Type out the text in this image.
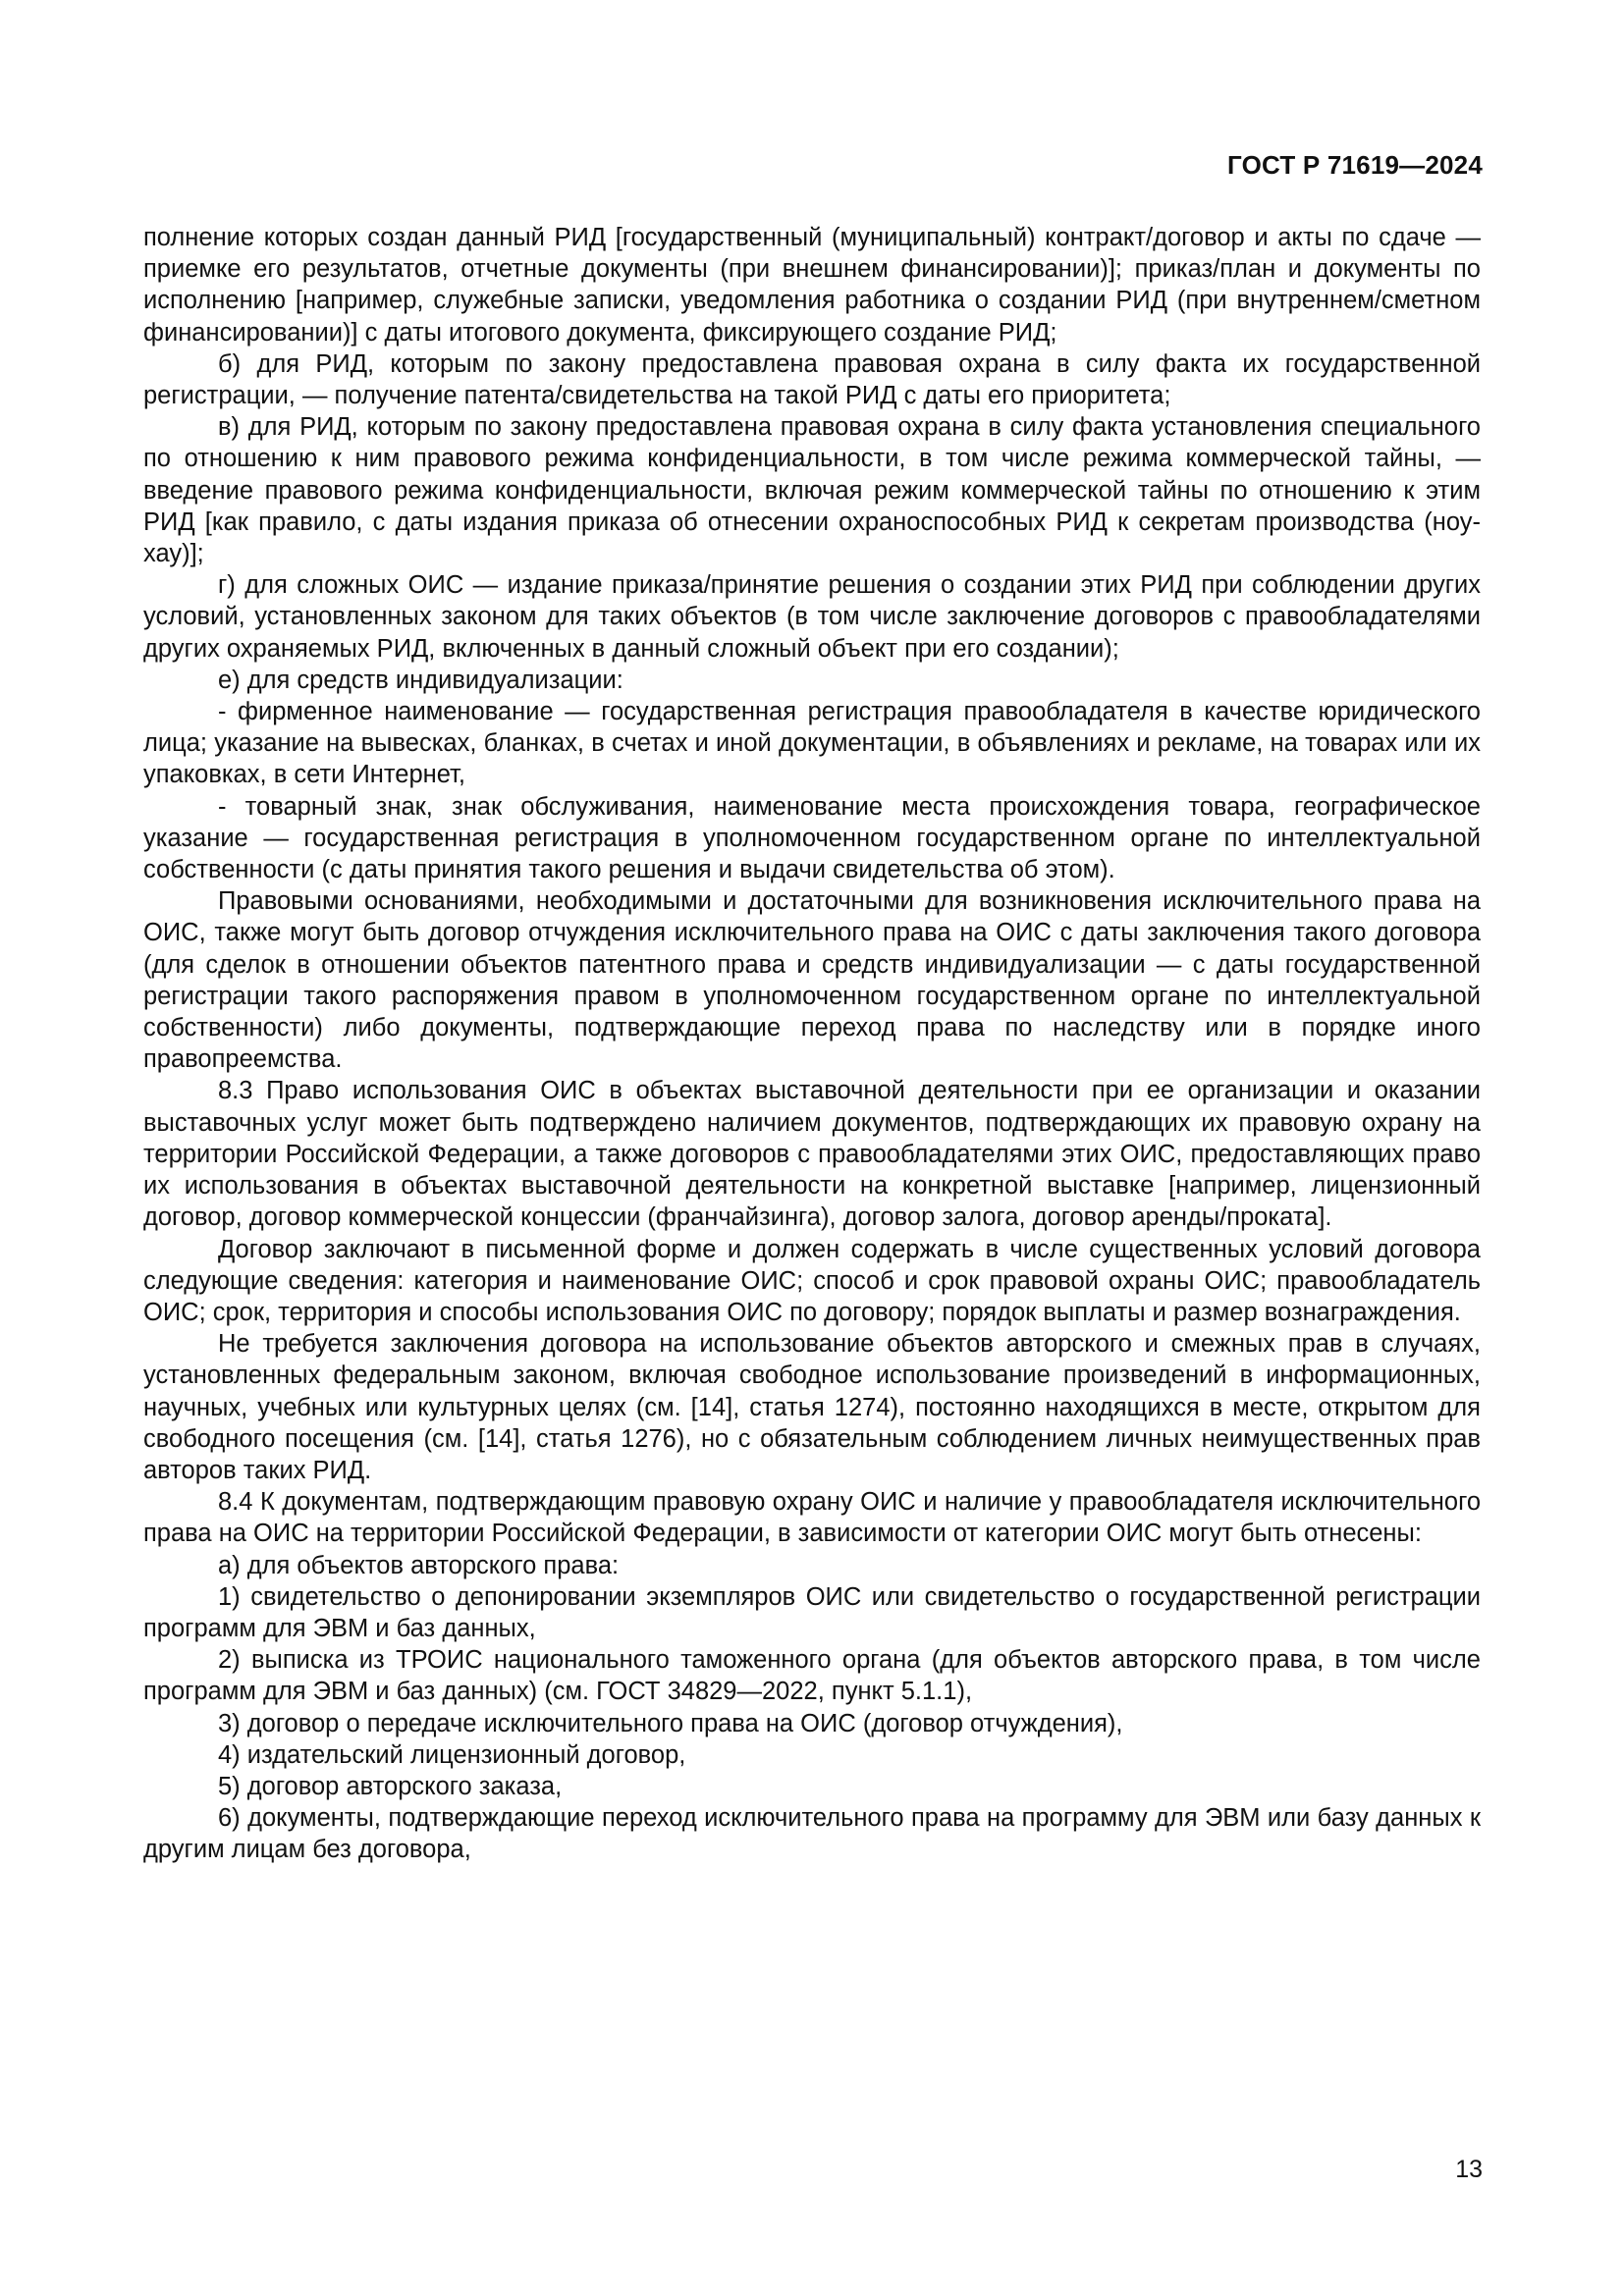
ГОСТ Р 71619—2024

полнение которых создан данный РИД [государственный (муниципальный) контракт/договор и акты по сдаче — приемке его результатов, отчетные документы (при внешнем финансировании)]; приказ/план и документы по исполнению [например, служебные записки, уведомления работника о создании РИД (при внутреннем/сметном финансировании)] с даты итогового документа, фиксирующего создание РИД;

б) для РИД, которым по закону предоставлена правовая охрана в силу факта их государственной регистрации, — получение патента/свидетельства на такой РИД с даты его приоритета;

в) для РИД, которым по закону предоставлена правовая охрана в силу факта установления специального по отношению к ним правового режима конфиденциальности, в том числе режима коммерческой тайны, — введение правового режима конфиденциальности, включая режим коммерческой тайны по отношению к этим РИД [как правило, с даты издания приказа об отнесении охраноспособных РИД к секретам производства (ноу-хау)];

г) для сложных ОИС — издание приказа/принятие решения о создании этих РИД при соблюдении других условий, установленных законом для таких объектов (в том числе заключение договоров с правообладателями других охраняемых РИД, включенных в данный сложный объект при его создании);

е) для средств индивидуализации:

- фирменное наименование — государственная регистрация правообладателя в качестве юридического лица; указание на вывесках, бланках, в счетах и иной документации, в объявлениях и рекламе, на товарах или их упаковках, в сети Интернет,

- товарный знак, знак обслуживания, наименование места происхождения товара, географическое указание — государственная регистрация в уполномоченном государственном органе по интеллектуальной собственности (с даты принятия такого решения и выдачи свидетельства об этом).

Правовыми основаниями, необходимыми и достаточными для возникновения исключительного права на ОИС, также могут быть договор отчуждения исключительного права на ОИС с даты заключения такого договора (для сделок в отношении объектов патентного права и средств индивидуализации — с даты государственной регистрации такого распоряжения правом в уполномоченном государственном органе по интеллектуальной собственности) либо документы, подтверждающие переход права по наследству или в порядке иного правопреемства.

8.3 Право использования ОИС в объектах выставочной деятельности при ее организации и оказании выставочных услуг может быть подтверждено наличием документов, подтверждающих их правовую охрану на территории Российской Федерации, а также договоров с правообладателями этих ОИС, предоставляющих право их использования в объектах выставочной деятельности на конкретной выставке [например, лицензионный договор, договор коммерческой концессии (франчайзинга), договор залога, договор аренды/проката].

Договор заключают в письменной форме и должен содержать в числе существенных условий договора следующие сведения: категория и наименование ОИС; способ и срок правовой охраны ОИС; правообладатель ОИС; срок, территория и способы использования ОИС по договору; порядок выплаты и размер вознаграждения.

Не требуется заключения договора на использование объектов авторского и смежных прав в случаях, установленных федеральным законом, включая свободное использование произведений в информационных, научных, учебных или культурных целях (см. [14], статья 1274), постоянно находящихся в месте, открытом для свободного посещения (см. [14], статья 1276), но с обязательным соблюдением личных неимущественных прав авторов таких РИД.

8.4 К документам, подтверждающим правовую охрану ОИС и наличие у правообладателя исключительного права на ОИС на территории Российской Федерации, в зависимости от категории ОИС могут быть отнесены:

а) для объектов авторского права:

1) свидетельство о депонировании экземпляров ОИС или свидетельство о государственной регистрации программ для ЭВМ и баз данных,

2) выписка из ТРОИС национального таможенного органа (для объектов авторского права, в том числе программ для ЭВМ и баз данных) (см. ГОСТ 34829—2022, пункт 5.1.1),

3) договор о передаче исключительного права на ОИС (договор отчуждения),

4) издательский лицензионный договор,

5) договор авторского заказа,

6) документы, подтверждающие переход исключительного права на программу для ЭВМ или базу данных к другим лицам без договора,

13
